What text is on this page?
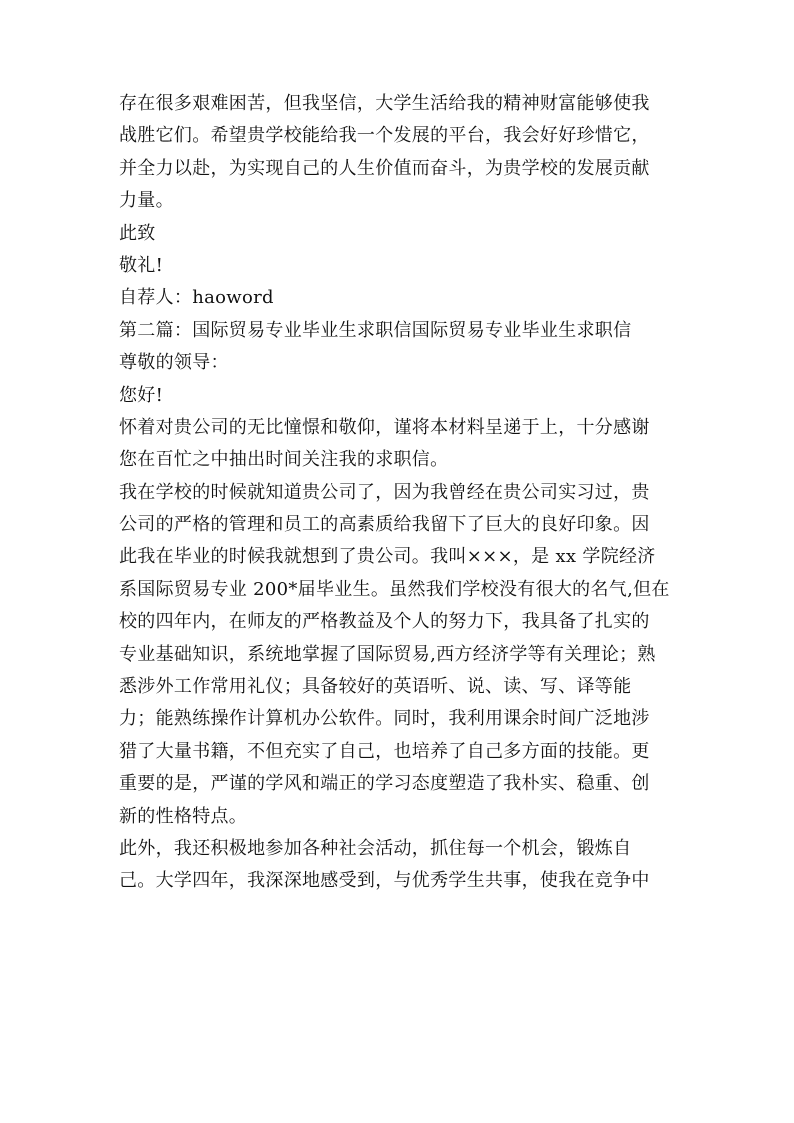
存在很多艰难困苦，但我坚信，大学生活给我的精神财富能够使我
战胜它们。希望贵学校能给我一个发展的平台，我会好好珍惜它，
并全力以赴，为实现自己的人生价值而奋斗，为贵学校的发展贡献
力量。
此致
敬礼!
自荐人：haoword
第二篇：国际贸易专业毕业生求职信国际贸易专业毕业生求职信
尊敬的领导：
您好!
怀着对贵公司的无比憧憬和敬仰，谨将本材料呈递于上，十分感谢
您在百忙之中抽出时间关注我的求职信。
我在学校的时候就知道贵公司了，因为我曾经在贵公司实习过，贵
公司的严格的管理和员工的高素质给我留下了巨大的良好印象。因
此我在毕业的时候我就想到了贵公司。我叫×××，是 xx 学院经济
系国际贸易专业 200*届毕业生。虽然我们学校没有很大的名气,但在
校的四年内，在师友的严格教益及个人的努力下，我具备了扎实的
专业基础知识，系统地掌握了国际贸易,西方经济学等有关理论；熟
悉涉外工作常用礼仪；具备较好的英语听、说、读、写、译等能
力；能熟练操作计算机办公软件。同时，我利用课余时间广泛地涉
猎了大量书籍，不但充实了自己，也培养了自己多方面的技能。更
重要的是，严谨的学风和端正的学习态度塑造了我朴实、稳重、创
新的性格特点。
此外，我还积极地参加各种社会活动，抓住每一个机会，锻炼自
己。大学四年，我深深地感受到，与优秀学生共事，使我在竞争中
